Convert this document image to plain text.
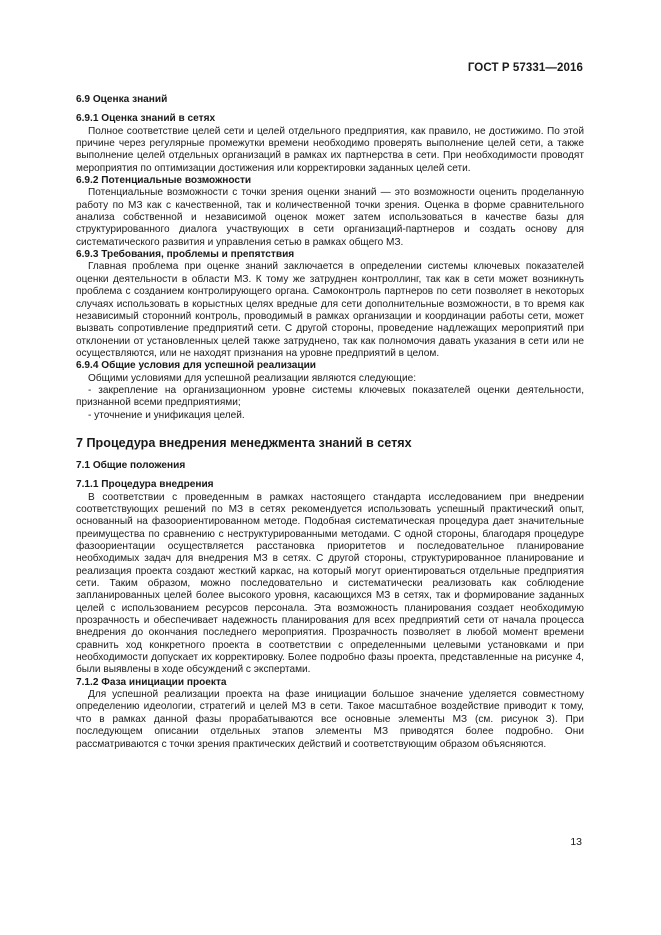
ГОСТ Р 57331—2016
6.9 Оценка знаний
6.9.1 Оценка знаний в сетях

Полное соответствие целей сети и целей отдельного предприятия, как правило, не достижимо. По этой причине через регулярные промежутки времени необходимо проверять выполнение целей сети, а также выполнение целей отдельных организаций в рамках их партнерства в сети. При необходимости проводят мероприятия по оптимизации достижения или корректировки заданных целей сети.

6.9.2 Потенциальные возможности

Потенциальные возможности с точки зрения оценки знаний — это возможности оценить проделанную работу по МЗ как с качественной, так и количественной точки зрения. Оценка в форме сравнительного анализа собственной и независимой оценок может затем использоваться в качестве базы для структурированного диалога участвующих в сети организаций-партнеров и создать основу для систематического развития и управления сетью в рамках общего МЗ.

6.9.3 Требования, проблемы и препятствия

Главная проблема при оценке знаний заключается в определении системы ключевых показателей оценки деятельности в области МЗ. К тому же затруднен контроллинг, так как в сети может возникнуть проблема с созданием контролирующего органа. Самоконтроль партнеров по сети позволяет в некоторых случаях использовать в корыстных целях вредные для сети дополнительные возможности, в то время как независимый сторонний контроль, проводимый в рамках организации и координации работы сети, может вызвать сопротивление предприятий сети. С другой стороны, проведение надлежащих мероприятий при отклонении от установленных целей также затруднено, так как полномочия давать указания в сети или не осуществляются, или не находят признания на уровне предприятий в целом.

6.9.4 Общие условия для успешной реализации

Общими условиями для успешной реализации являются следующие:

- закрепление на организационном уровне системы ключевых показателей оценки деятельности, признанной всеми предприятиями;

- уточнение и унификация целей.

7 Процедура внедрения менеджмента знаний в сетях
7.1 Общие положения
7.1.1 Процедура внедрения

В соответствии с проведенным в рамках настоящего стандарта исследованием при внедрении соответствующих решений по МЗ в сетях рекомендуется использовать успешный практический опыт, основанный на фазоориентированном методе. Подобная систематическая процедура дает значительные преимущества по сравнению с неструктурированными методами. С одной стороны, благодаря процедуре фазоориентации осуществляется расстановка приоритетов и последовательное планирование необходимых задач для внедрения МЗ в сетях. С другой стороны, структурированное планирование и реализация проекта создают жесткий каркас, на который могут ориентироваться отдельные предприятия сети. Таким образом, можно последовательно и систематически реализовать как соблюдение запланированных целей более высокого уровня, касающихся МЗ в сетях, так и формирование заданных целей с использованием ресурсов персонала. Эта возможность планирования создает необходимую прозрачность и обеспечивает надежность планирования для всех предприятий сети от начала процесса внедрения до окончания последнего мероприятия. Прозрачность позволяет в любой момент времени сравнить ход конкретного проекта в соответствии с определенными целевыми установками и при необходимости допускает их корректировку. Более подробно фазы проекта, представленные на рисунке 4, были выявлены в ходе обсуждений с экспертами.

7.1.2 Фаза инициации проекта

Для успешной реализации проекта на фазе инициации большое значение уделяется совместному определению идеологии, стратегий и целей МЗ в сети. Такое масштабное воздействие приводит к тому, что в рамках данной фазы прорабатываются все основные элементы МЗ (см. рисунок 3). При последующем описании отдельных этапов элементы МЗ приводятся более подробно. Они рассматриваются с точки зрения практических действий и соответствующим образом объясняются.

13
